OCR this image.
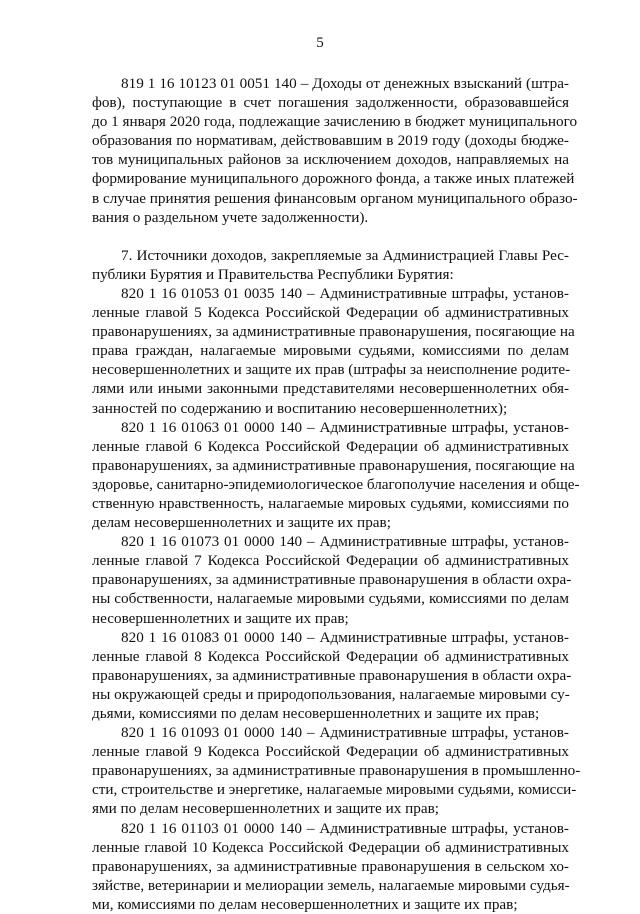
5
819 1 16 10123 01 0051 140 – Доходы от денежных взысканий (штра-
фов), поступающие в счет погашения задолженности, образовавшейся
до 1 января 2020 года, подлежащие зачислению в бюджет муниципального
образования по нормативам, действовавшим в 2019 году (доходы бюдже-
тов муниципальных районов за исключением доходов, направляемых на
формирование муниципального дорожного фонда, а также иных платежей
в случае принятия решения финансовым органом муниципального образо-
вания о раздельном учете задолженности).
7. Источники доходов, закрепляемые за Администрацией Главы Рес-
публики Бурятия и Правительства Республики Бурятия:
820 1 16 01053 01 0035 140 – Административные штрафы, установ-
ленные главой 5 Кодекса Российской Федерации об административных
правонарушениях, за административные правонарушения, посягающие на
права граждан, налагаемые мировыми судьями, комиссиями по делам
несовершеннолетних и защите их прав (штрафы за неисполнение родите-
лями или иными законными представителями несовершеннолетних обя-
занностей по содержанию и воспитанию несовершеннолетних);
820 1 16 01063 01 0000 140 – Административные штрафы, установ-
ленные главой 6 Кодекса Российской Федерации об административных
правонарушениях, за административные правонарушения, посягающие на
здоровье, санитарно-эпидемиологическое благополучие населения и обще-
ственную нравственность, налагаемые мировых судьями, комиссиями по
делам несовершеннолетних и защите их прав;
820 1 16 01073 01 0000 140 – Административные штрафы, установ-
ленные главой 7 Кодекса Российской Федерации об административных
правонарушениях, за административные правонарушения в области охра-
ны собственности, налагаемые мировыми судьями, комиссиями по делам
несовершеннолетних и защите их прав;
820 1 16 01083 01 0000 140 – Административные штрафы, установ-
ленные главой 8 Кодекса Российской Федерации об административных
правонарушениях, за административные правонарушения в области охра-
ны окружающей среды и природопользования, налагаемые мировыми су-
дьями, комиссиями по делам несовершеннолетних и защите их прав;
820 1 16 01093 01 0000 140 – Административные штрафы, установ-
ленные главой 9 Кодекса Российской Федерации об административных
правонарушениях, за административные правонарушения в промышленно-
сти, строительстве и энергетике, налагаемые мировыми судьями, комисси-
ями по делам несовершеннолетних и защите их прав;
820 1 16 01103 01 0000 140 – Административные штрафы, установ-
ленные главой 10 Кодекса Российской Федерации об административных
правонарушениях, за административные правонарушения в сельском хо-
зяйстве, ветеринарии и мелиорации земель, налагаемые мировыми судья-
ми, комиссиями по делам несовершеннолетних и защите их прав;
